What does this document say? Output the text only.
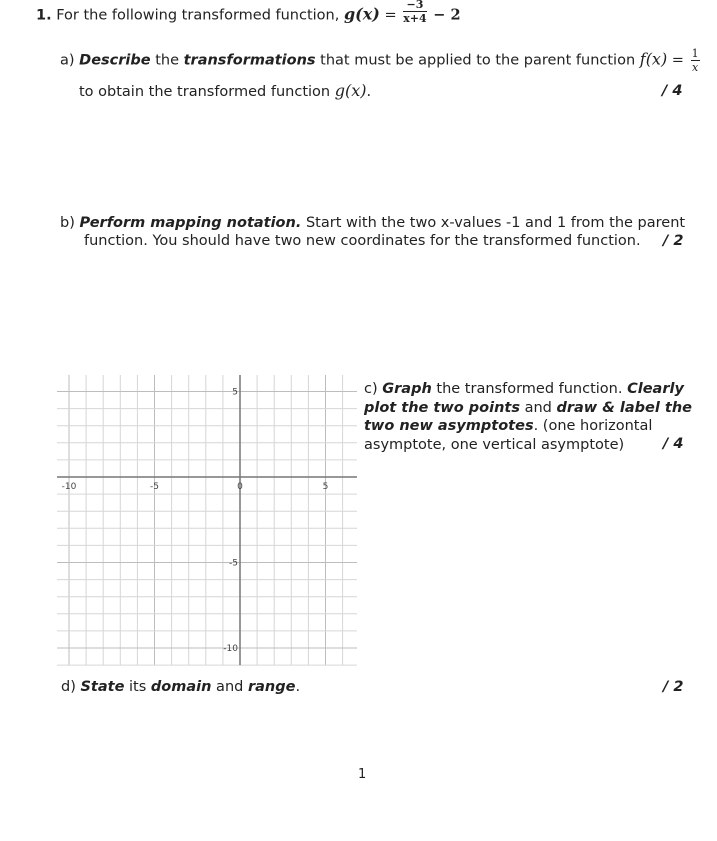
1. For the following transformed function, $g(x) = \frac{-3}{x+4} - 2$
a) Describe the transformations that must be applied to the parent function $f(x) = \frac{1}{x}$
to obtain the transformed function g(x).	/ 4
b) Perform mapping notation. Start with the two x-values -1 and 1 from the parent
function. You should have two new coordinates for the transformed function. / 2
-10	-5	0	5
5
-5
-10
c) Graph the transformed function. Clearly plot the two points and draw & label the two new asymptotes. (one horizontal asymptote, one vertical asymptote)	/ 4
d) State its domain and range.	/ 2
1
